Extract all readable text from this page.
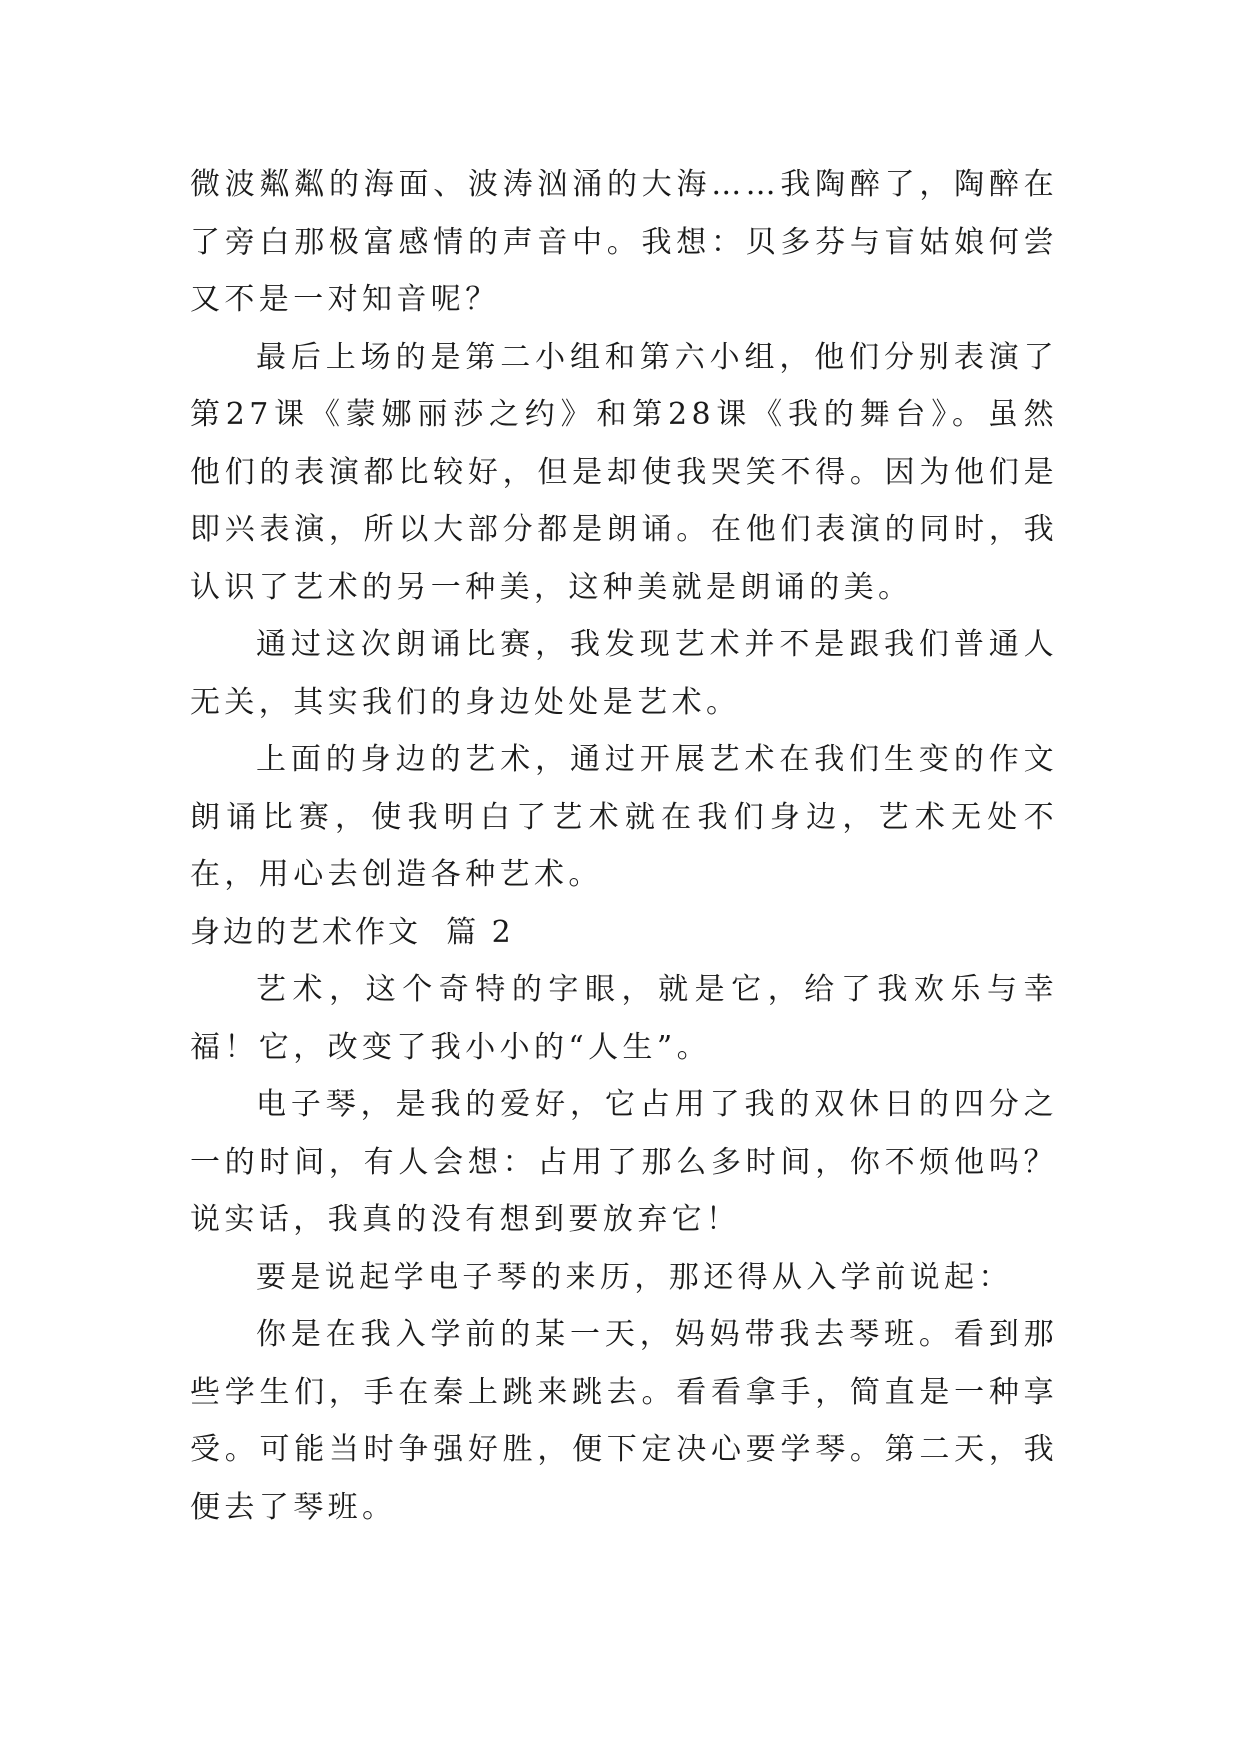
微波粼粼的海面、波涛汹涌的大海……我陶醉了，陶醉在了旁白那极富感情的声音中。我想：贝多芬与盲姑娘何尝又不是一对知音呢？

最后上场的是第二小组和第六小组，他们分别表演了第27课《蒙娜丽莎之约》和第28课《我的舞台》。虽然他们的表演都比较好，但是却使我哭笑不得。因为他们是即兴表演，所以大部分都是朗诵。在他们表演的同时，我认识了艺术的另一种美，这种美就是朗诵的美。

通过这次朗诵比赛，我发现艺术并不是跟我们普通人无关，其实我们的身边处处是艺术。

上面的身边的艺术，通过开展艺术在我们生变的作文朗诵比赛，使我明白了艺术就在我们身边，艺术无处不在，用心去创造各种艺术。

身边的艺术作文  篇 2

艺术，这个奇特的字眼，就是它，给了我欢乐与幸福！它，改变了我小小的“人生”。

电子琴，是我的爱好，它占用了我的双休日的四分之一的时间，有人会想：占用了那么多时间，你不烦他吗？说实话，我真的没有想到要放弃它！

要是说起学电子琴的来历，那还得从入学前说起：

你是在我入学前的某一天，妈妈带我去琴班。看到那些学生们，手在秦上跳来跳去。看看拿手，简直是一种享受。可能当时争强好胜，便下定决心要学琴。第二天，我便去了琴班。
